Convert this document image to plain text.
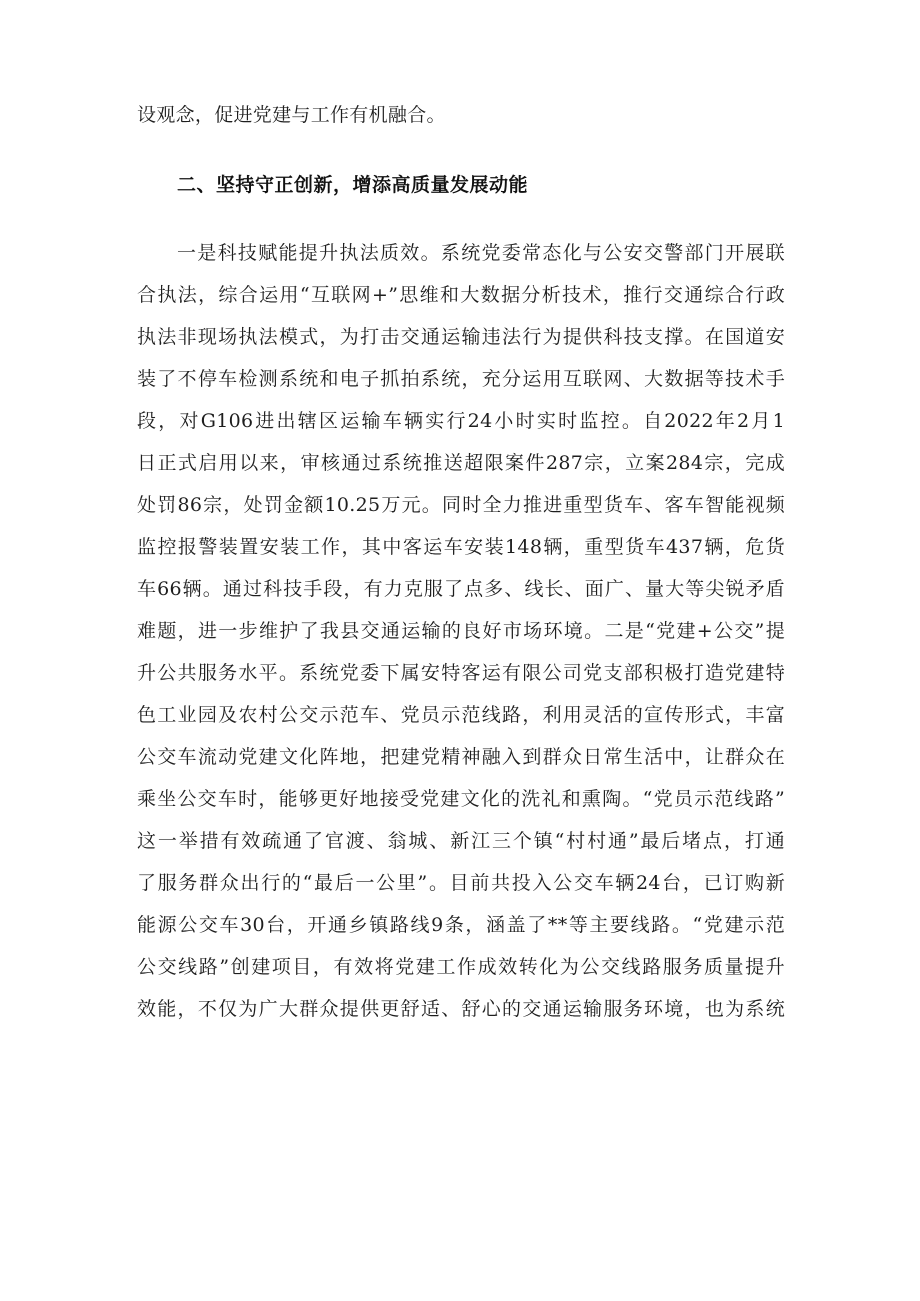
设观念，促进党建与工作有机融合。
二、坚持守正创新，增添高质量发展动能
一是科技赋能提升执法质效。系统党委常态化与公安交警部门开展联
合执法，综合运用“互联网+”思维和大数据分析技术，推行交通综合行政
执法非现场执法模式，为打击交通运输违法行为提供科技支撑。在国道安
装了不停车检测系统和电子抓拍系统，充分运用互联网、大数据等技术手
段，对G106进出辖区运输车辆实行24小时实时监控。自2022年2月1
日正式启用以来，审核通过系统推送超限案件287宗，立案284宗，完成
处罚86宗，处罚金额10.25万元。同时全力推进重型货车、客车智能视频
监控报警装置安装工作，其中客运车安装148辆，重型货车437辆，危货
车66辆。通过科技手段，有力克服了点多、线长、面广、量大等尖锐矛盾
难题，进一步维护了我县交通运输的良好市场环境。二是“党建+公交”提
升公共服务水平。系统党委下属安特客运有限公司党支部积极打造党建特
色工业园及农村公交示范车、党员示范线路，利用灵活的宣传形式，丰富
公交车流动党建文化阵地，把建党精神融入到群众日常生活中，让群众在
乘坐公交车时，能够更好地接受党建文化的洗礼和熏陶。“党员示范线路”
这一举措有效疏通了官渡、翁城、新江三个镇“村村通”最后堵点，打通
了服务群众出行的“最后一公里”。目前共投入公交车辆24台，已订购新
能源公交车30台，开通乡镇路线9条，涵盖了**等主要线路。“党建示范
公交线路”创建项目，有效将党建工作成效转化为公交线路服务质量提升
效能，不仅为广大群众提供更舒适、舒心的交通运输服务环境，也为系统
